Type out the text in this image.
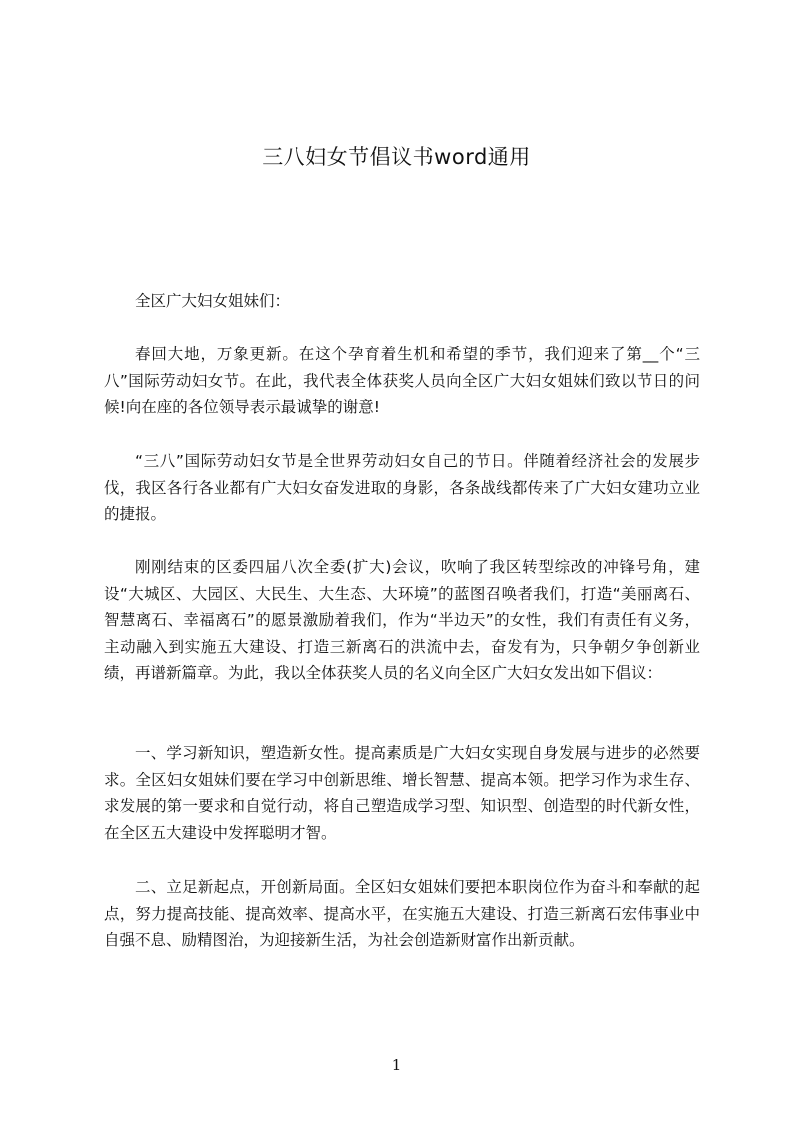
三八妇女节倡议书word通用

全区广大妇女姐妹们：

春回大地，万象更新。在这个孕育着生机和希望的季节，我们迎来了第__个“三八”国际劳动妇女节。在此，我代表全体获奖人员向全区广大妇女姐妹们致以节日的问候!向在座的各位领导表示最诚挚的谢意!

“三八”国际劳动妇女节是全世界劳动妇女自己的节日。伴随着经济社会的发展步伐，我区各行各业都有广大妇女奋发进取的身影，各条战线都传来了广大妇女建功立业的捷报。

刚刚结束的区委四届八次全委(扩大)会议，吹响了我区转型综改的冲锋号角，建设“大城区、大园区、大民生、大生态、大环境”的蓝图召唤者我们，打造“美丽离石、智慧离石、幸福离石”的愿景激励着我们，作为“半边天”的女性，我们有责任有义务，主动融入到实施五大建设、打造三新离石的洪流中去，奋发有为，只争朝夕争创新业绩，再谱新篇章。为此，我以全体获奖人员的名义向全区广大妇女发出如下倡议：

一、学习新知识，塑造新女性。提高素质是广大妇女实现自身发展与进步的必然要求。全区妇女姐妹们要在学习中创新思维、增长智慧、提高本领。把学习作为求生存、求发展的第一要求和自觉行动，将自己塑造成学习型、知识型、创造型的时代新女性，在全区五大建设中发挥聪明才智。

二、立足新起点，开创新局面。全区妇女姐妹们要把本职岗位作为奋斗和奉献的起点，努力提高技能、提高效率、提高水平，在实施五大建设、打造三新离石宏伟事业中自强不息、励精图治，为迎接新生活，为社会创造新财富作出新贡献。

1
